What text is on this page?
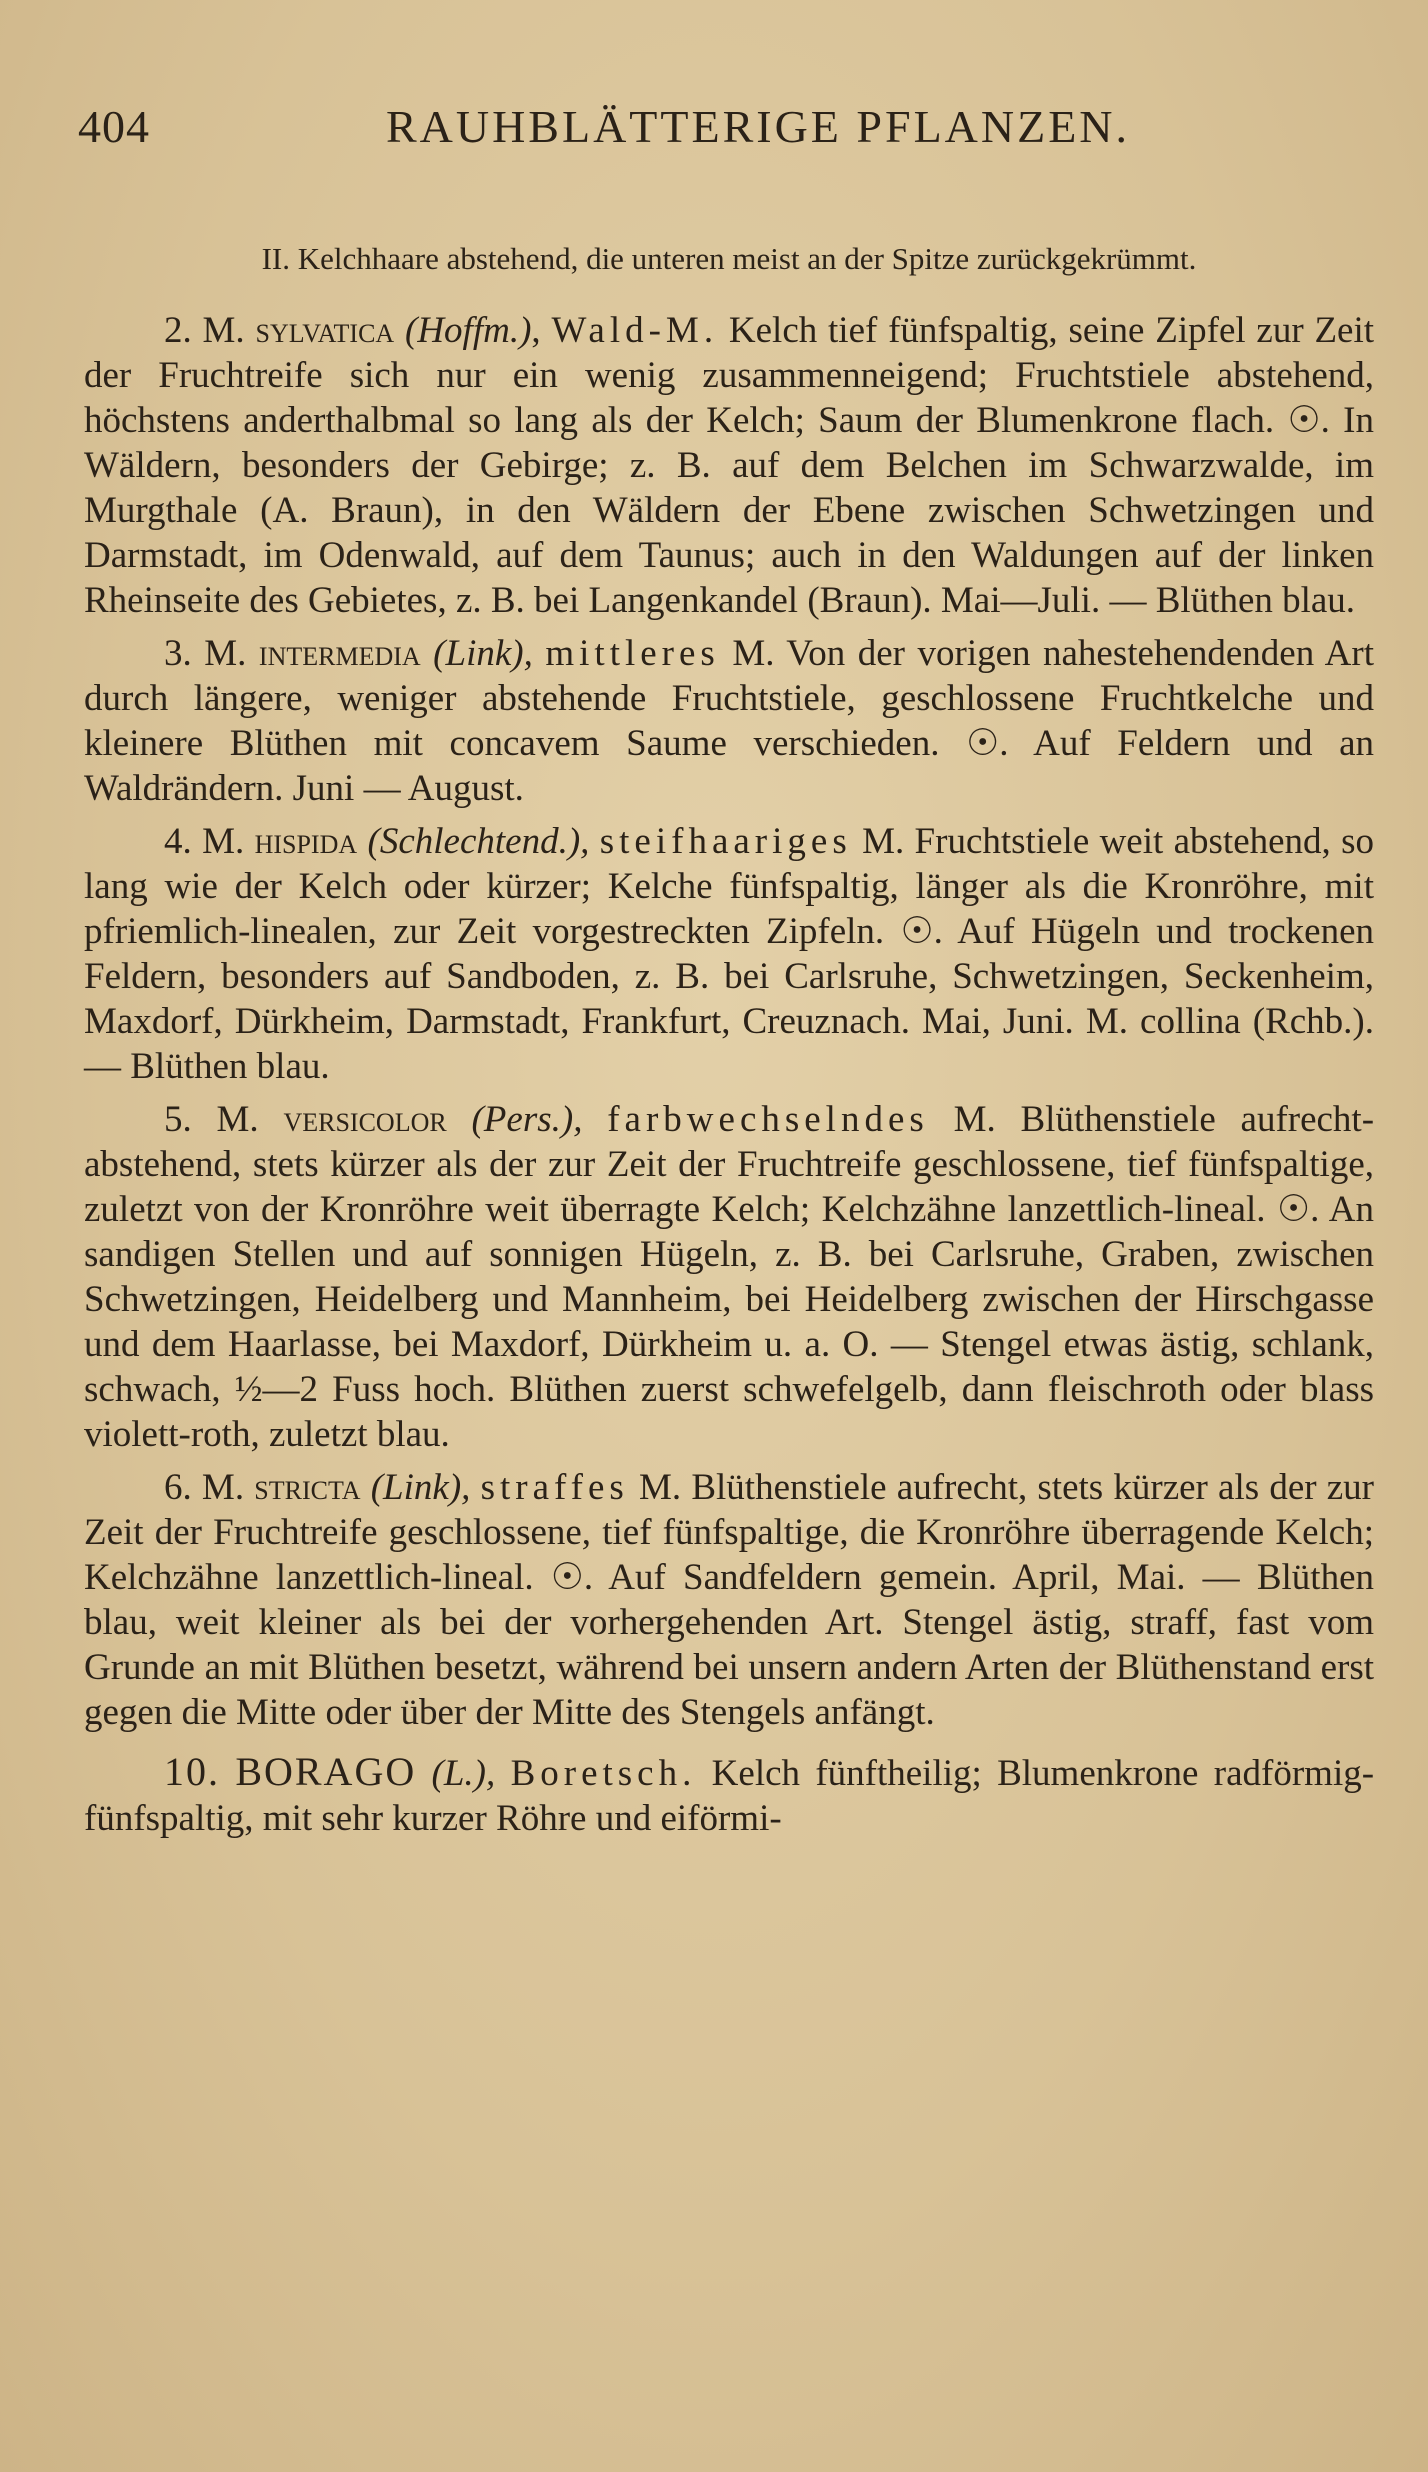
404	RAUHBLÄTTERIGE PFLANZEN.

II. Kelchhaare abstehend, die unteren meist an der Spitze zurückgekrümmt.

2. M. sylvatica (Hoffm.), Wald-M. Kelch tief fünfspaltig, seine Zipfel zur Zeit der Fruchtreife sich nur ein wenig zusammenneigend; Fruchtstiele abstehend, höchstens anderthalbmal so lang als der Kelch; Saum der Blumenkrone flach. ☉. In Wäldern, besonders der Gebirge; z. B. auf dem Belchen im Schwarzwalde, im Murgthale (A. Braun), in den Wäldern der Ebene zwischen Schwetzingen und Darmstadt, im Odenwald, auf dem Taunus; auch in den Waldungen auf der linken Rheinseite des Gebietes, z. B. bei Langenkandel (Braun). Mai—Juli. — Blüthen blau.

3. M. intermedia (Link), mittleres M. Von der vorigen nahestehendenden Art durch längere, weniger abstehende Fruchtstiele, geschlossene Fruchtkelche und kleinere Blüthen mit concavem Saume verschieden. ☉. Auf Feldern und an Waldrändern. Juni — August.

4. M. hispida (Schlechtend.), steifhaariges M. Fruchtstiele weit abstehend, so lang wie der Kelch oder kürzer; Kelche fünfspaltig, länger als die Kronröhre, mit pfriemlich-linealen, zur Zeit vorgestreckten Zipfeln. ☉. Auf Hügeln und trockenen Feldern, besonders auf Sandboden, z. B. bei Carlsruhe, Schwetzingen, Seckenheim, Maxdorf, Dürkheim, Darmstadt, Frankfurt, Creuznach. Mai, Juni. M. collina (Rchb.). — Blüthen blau.

5. M. versicolor (Pers.), farbwechselndes M. Blüthenstiele aufrecht-abstehend, stets kürzer als der zur Zeit der Fruchtreife geschlossene, tief fünfspaltige, zuletzt von der Kronröhre weit überragte Kelch; Kelchzähne lanzettlich-lineal. ☉. An sandigen Stellen und auf sonnigen Hügeln, z. B. bei Carlsruhe, Graben, zwischen Schwetzingen, Heidelberg und Mannheim, bei Heidelberg zwischen der Hirschgasse und dem Haarlasse, bei Maxdorf, Dürkheim u. a. O. — Stengel etwas ästig, schlank, schwach, ½—2 Fuss hoch. Blüthen zuerst schwefelgelb, dann fleischroth oder blass violett-roth, zuletzt blau.

6. M. stricta (Link), straffes M. Blüthenstiele aufrecht, stets kürzer als der zur Zeit der Fruchtreife geschlossene, tief fünfspaltige, die Kronröhre überragende Kelch; Kelchzähne lanzettlich-lineal. ☉. Auf Sandfeldern gemein. April, Mai. — Blüthen blau, weit kleiner als bei der vorhergehenden Art. Stengel ästig, straff, fast vom Grunde an mit Blüthen besetzt, während bei unsern andern Arten der Blüthenstand erst gegen die Mitte oder über der Mitte des Stengels anfängt.

10. BORAGO (L.), Boretsch. Kelch fünftheilig; Blumenkrone radförmig-fünfspaltig, mit sehr kurzer Röhre und eiförmi-
